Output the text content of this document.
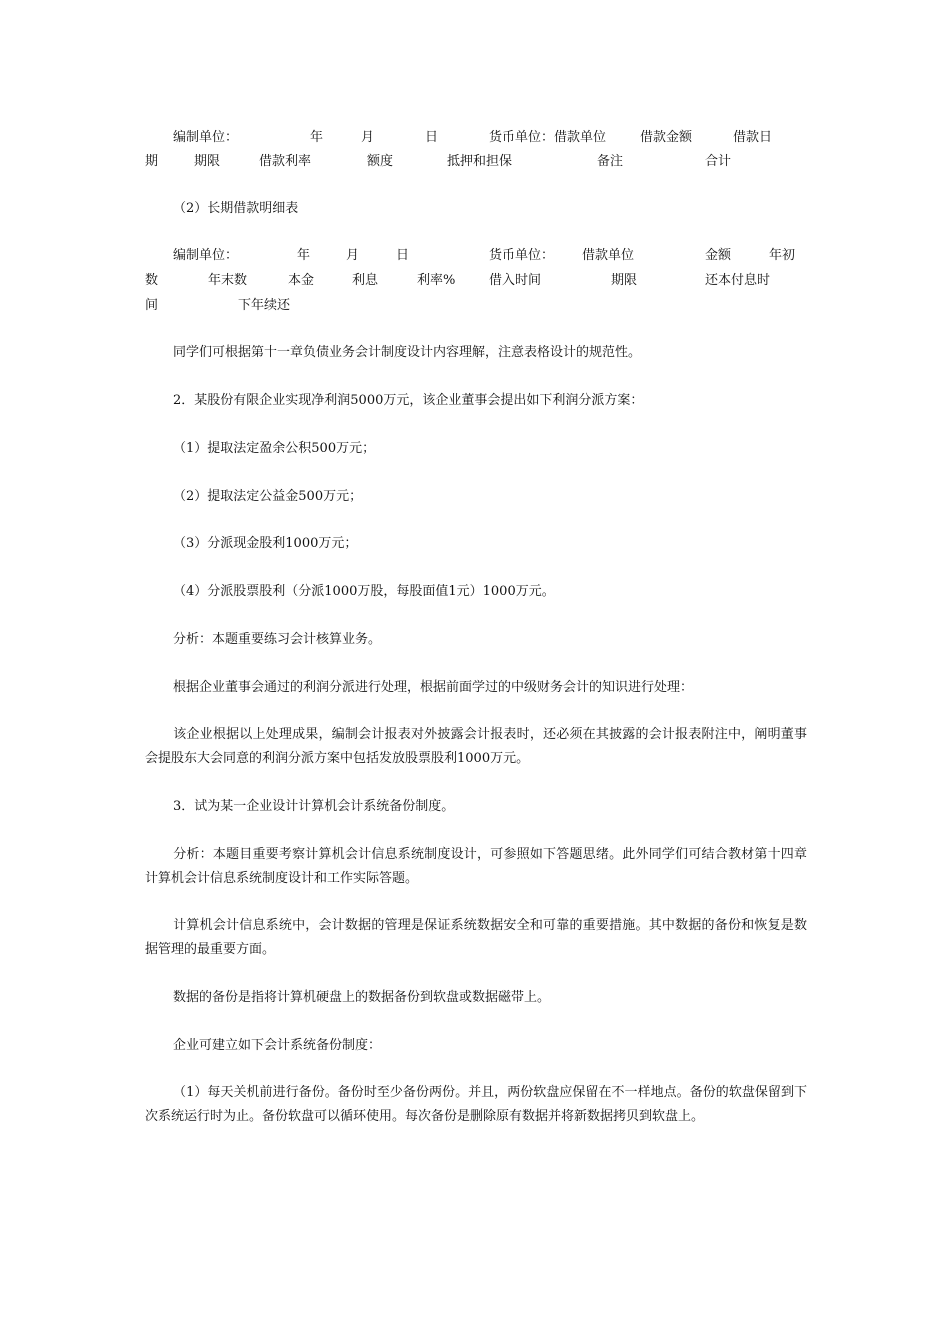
编制单位：	年	月	日	货币单位：借款单位	借款金额	借款日
期	期限	借款利率	额度	抵押和担保	备注	合计
（2）长期借款明细表
编制单位：	年	月	日	货币单位： 借款单位	金额	年初
数	年末数	本金	利息	利率%	借入时间	期限	还本付息时
间	下年续还
同学们可根据第十一章负债业务会计制度设计内容理解，注意表格设计的规范性。
2．某股份有限企业实现净利润5000万元，该企业董事会提出如下利润分派方案：
（1）提取法定盈余公积500万元；
（2）提取法定公益金500万元；
（3）分派现金股利1000万元；
（4）分派股票股利（分派1000万股，每股面值1元）1000万元。
分析：本题重要练习会计核算业务。
根据企业董事会通过的利润分派进行处理，根据前面学过的中级财务会计的知识进行处理：
该企业根据以上处理成果，编制会计报表对外披露会计报表时，还必须在其披露的会计报表附注中，阐明董事会提股东大会同意的利润分派方案中包括发放股票股利1000万元。
3．试为某一企业设计计算机会计系统备份制度。
分析：本题目重要考察计算机会计信息系统制度设计，可参照如下答题思绪。此外同学们可结合教材第十四章计算机会计信息系统制度设计和工作实际答题。
计算机会计信息系统中，会计数据的管理是保证系统数据安全和可靠的重要措施。其中数据的备份和恢复是数据管理的最重要方面。
数据的备份是指将计算机硬盘上的数据备份到软盘或数据磁带上。
企业可建立如下会计系统备份制度：
（1）每天关机前进行备份。备份时至少备份两份。并且，两份软盘应保留在不一样地点。备份的软盘保留到下次系统运行时为止。备份软盘可以循环使用。每次备份是删除原有数据并将新数据拷贝到软盘上。
